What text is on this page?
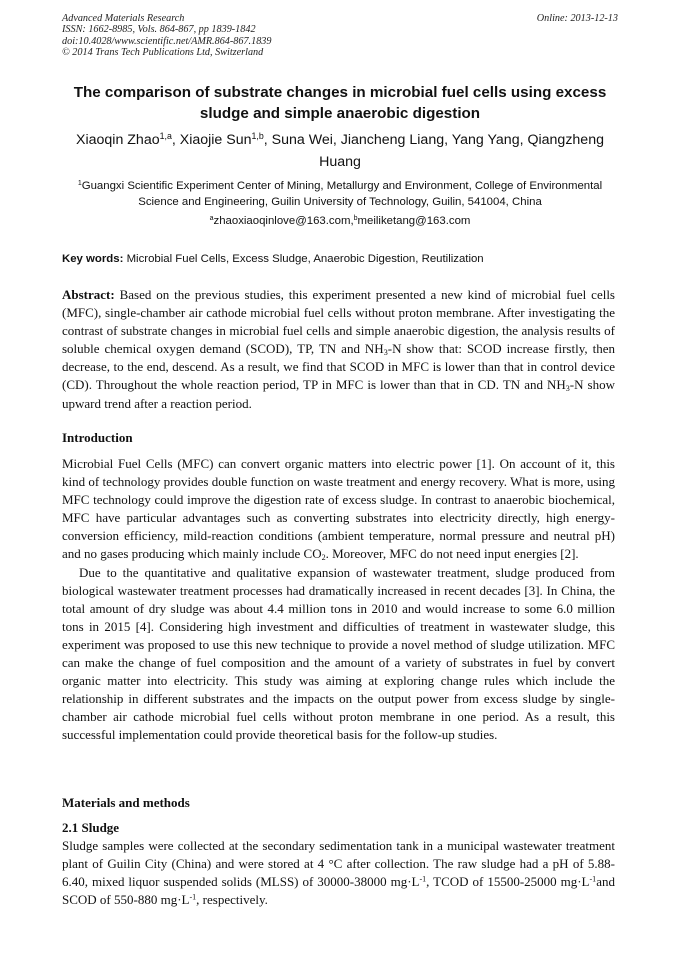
Advanced Materials Research
ISSN: 1662-8985, Vols. 864-867, pp 1839-1842
doi:10.4028/www.scientific.net/AMR.864-867.1839
© 2014 Trans Tech Publications Ltd, Switzerland
Online: 2013-12-13
The comparison of substrate changes in microbial fuel cells using excess sludge and simple anaerobic digestion
Xiaoqin Zhao$^{1,a}$, Xiaojie Sun$^{1,b}$, Suna Wei, Jiancheng Liang, Yang Yang, Qiangzheng Huang
$^1$Guangxi Scientific Experiment Center of Mining, Metallurgy and Environment, College of Environmental Science and Engineering, Guilin University of Technology, Guilin, 541004, China
$^a$zhaoxiaoqinlove@163.com,$^b$meiliketang@163.com
Key words: Microbial Fuel Cells, Excess Sludge, Anaerobic Digestion, Reutilization
Abstract: Based on the previous studies, this experiment presented a new kind of microbial fuel cells (MFC), single-chamber air cathode microbial fuel cells without proton membrane. After investigating the contrast of substrate changes in microbial fuel cells and simple anaerobic digestion, the analysis results of soluble chemical oxygen demand (SCOD), TP, TN and $NH_3-N$ show that: SCOD increase firstly, then decrease, to the end, descend. As a result, we find that SCOD in MFC is lower than that in control device (CD). Throughout the whole reaction period, TP in MFC is lower than that in CD. TN and $NH_3-N$ show upward trend after a reaction period.
Introduction

Microbial Fuel Cells (MFC) can convert organic matters into electric power [1]. On account of it, this kind of technology provides double function on waste treatment and energy recovery. What is more, using MFC technology could improve the digestion rate of excess sludge. In contrast to anaerobic biochemical, MFC have particular advantages such as converting substrates into electricity directly, high energy-conversion efficiency, mild-reaction conditions (ambient temperature, normal pressure and neutral pH) and no gases producing which mainly include $CO_2$. Moreover, MFC do not need input energies [2].

Due to the quantitative and qualitative expansion of wastewater treatment, sludge produced from biological wastewater treatment processes had dramatically increased in recent decades [3]. In China, the total amount of dry sludge was about 4.4 million tons in 2010 and would increase to some 6.0 million tons in 2015 [4]. Considering high investment and difficulties of treatment in wastewater sludge, this experiment was proposed to use this new technique to provide a novel method of sludge utilization. MFC can make the change of fuel composition and the amount of a variety of substrates in fuel by convert organic matter into electricity. This study was aiming at exploring change rules which include the relationship in different substrates and the impacts on the output power from excess sludge by single-chamber air cathode microbial fuel cells without proton membrane in one period. As a result, this successful implementation could provide theoretical basis for the follow-up studies.

Materials and methods
2.1 Sludge
Sludge samples were collected at the secondary sedimentation tank in a municipal wastewater treatment plant of Guilin City (China) and were stored at 4 °C after collection. The raw sludge had a pH of 5.88-6.40, mixed liquor suspended solids (MLSS) of 30000-38000 $mg\cdot L^{-1}$, TCOD of 15500-25000 $mg\cdot L^{-1}and$ SCOD of 550-880 $mg\cdot L^{-1}$, respectively.
